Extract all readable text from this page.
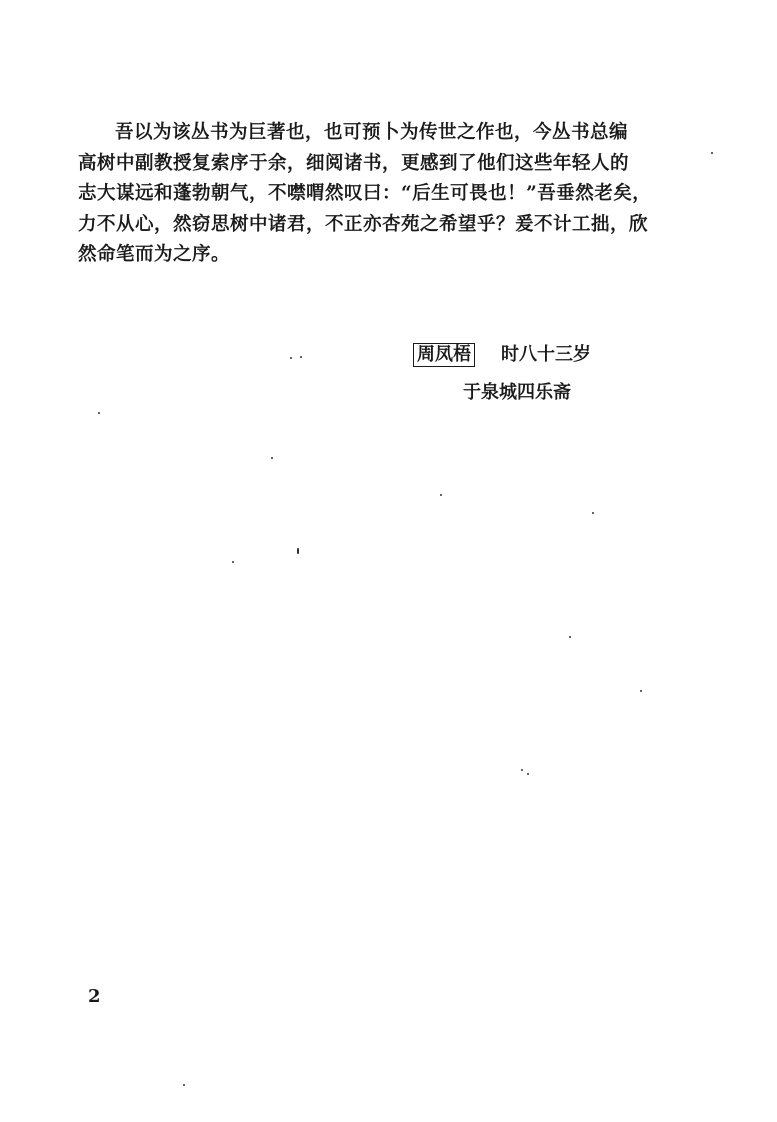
吾以为该丛书为巨著也，也可预卜为传世之作也，今丛书总编
高树中副教授复索序于余，细阅诸书，更感到了他们这些年轻人的
志大谋远和蓬勃朝气，不噤喟然叹曰：“后生可畏也！”吾垂然老矣，
力不从心，然窃思树中诸君，不正亦杏苑之希望乎？爰不计工拙，欣
然命笔而为之序。
周凤梧 时八十三岁
于泉城四乐斋
2
